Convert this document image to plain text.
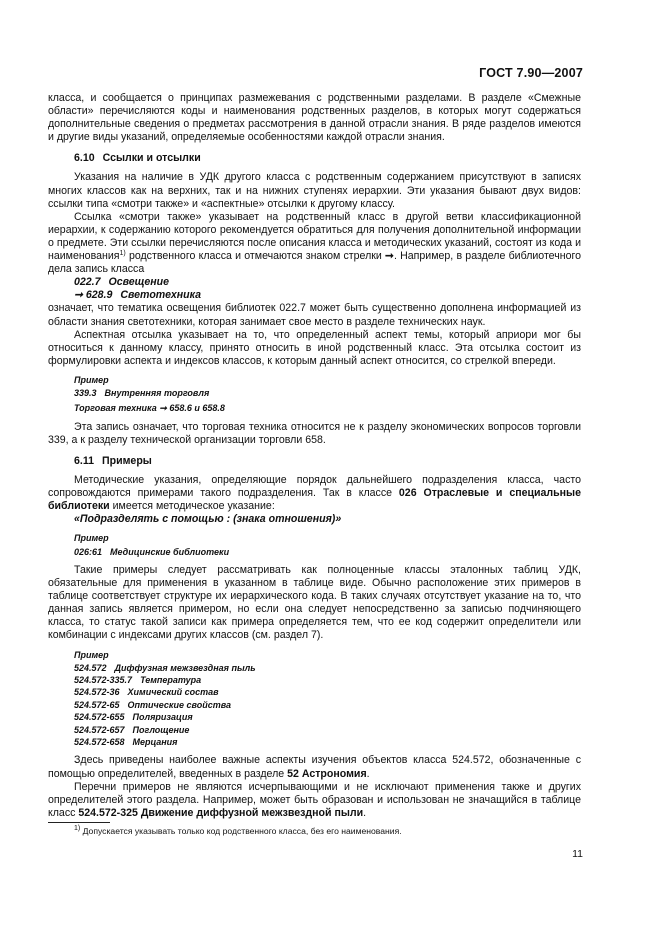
ГОСТ 7.90—2007

класса, и сообщается о принципах размежевания с родственными разделами. В разделе «Смежные области» перечисляются коды и наименования родственных разделов, в которых могут содержаться дополнительные сведения о предметах рассмотрения в данной отрасли знания. В ряде разделов имеются и другие виды указаний, определяемые особенностями каждой отрасли знания.

6.10 Ссылки и отсылки

Указания на наличие в УДК другого класса с родственным содержанием присутствуют в записях многих классов как на верхних, так и на нижних ступенях иерархии. Эти указания бывают двух видов: ссылки типа «смотри также» и «аспектные» отсылки к другому классу.

Ссылка «смотри также» указывает на родственный класс в другой ветви классификационной иерархии, к содержанию которого рекомендуется обратиться для получения дополнительной информации о предмете. Эти ссылки перечисляются после описания класса и методических указаний, состоят из кода и наименования$^{1)}$ родственного класса и отмечаются знаком стрелки ➞. Например, в разделе библиотечного дела запись класса

022.7 Освещение
➞ 628.9 Светотехника

означает, что тематика освещения библиотек 022.7 может быть существенно дополнена информацией из области знания светотехники, которая занимает свое место в разделе технических наук.

Аспектная отсылка указывает на то, что определенный аспект темы, который априори мог бы относиться к данному классу, принято относить в иной родственный класс. Эта отсылка состоит из формулировки аспекта и индексов классов, к которым данный аспект относится, со стрелкой впереди.

Пример
339.3 Внутренняя торговля
Торговая техника ➞ 658.6 и 658.8

Эта запись означает, что торговая техника относится не к разделу экономических вопросов торговли 339, а к разделу технической организации торговли 658.

6.11 Примеры

Методические указания, определяющие порядок дальнейшего подразделения класса, часто сопровождаются примерами такого подразделения. Так в классе 026 Отраслевые и специальные библиотеки имеется методическое указание:

«Подразделять с помощью : (знака отношения)»
Пример
026:61 Медицинские библиотеки

Такие примеры следует рассматривать как полноценные классы эталонных таблиц УДК, обязательные для применения в указанном в таблице виде. Обычно расположение этих примеров в таблице соответствует структуре их иерархического кода. В таких случаях отсутствует указание на то, что данная запись является примером, но если она следует непосредственно за записью подчиняющего класса, то статус такой записи как примера определяется тем, что ее код содержит определители или комбинации с индексами других классов (см. раздел 7).

Пример
524.572 Диффузная межзвездная пыль
524.572-335.7 Температура
524.572-36 Химический состав
524.572-65 Оптические свойства
524.572-655 Поляризация
524.572-657 Поглощение
524.572-658 Мерцания

Здесь приведены наиболее важные аспекты изучения объектов класса 524.572, обозначенные с помощью определителей, введенных в разделе 52 Астрономия.

Перечни примеров не являются исчерпывающими и не исключают применения также и других определителей этого раздела. Например, может быть образован и использован не значащийся в таблице класс 524.572-325 Движение диффузной межзвездной пыли.

$^{1)}$ Допускается указывать только код родственного класса, без его наименования.
11
